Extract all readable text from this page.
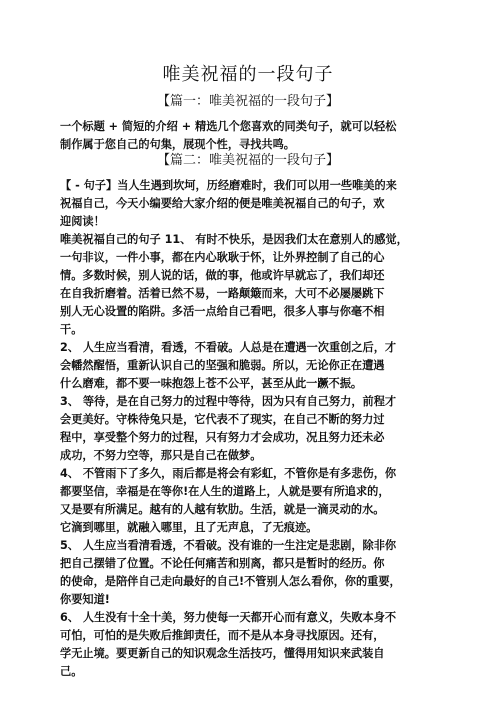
唯美祝福的一段句子
【篇一：唯美祝福的一段句子】
一个标题 + 简短的介绍 + 精选几个您喜欢的同类句子，就可以轻松
制作属于您自己的句集，展现个性，寻找共鸣。
【篇二：唯美祝福的一段句子】
【 - 句子】当人生遇到坎坷，历经磨难时，我们可以用一些唯美的来
祝福自己，今天小编要给大家介绍的便是唯美祝福自己的句子，欢
迎阅读！
唯美祝福自己的句子 11、 有时不快乐，是因我们太在意别人的感觉，
一句非议，一件小事，都在内心耿耿于怀，让外界控制了自己的心
情。多数时候，别人说的话，做的事，他或许早就忘了，我们却还
在自我折磨着。活着已然不易，一路颠簸而来，大可不必屡屡跳下
别人无心设置的陷阱。多活一点给自己看吧，很多人事与你毫不相
干。
2、 人生应当看清，看透，不看破。人总是在遭遇一次重创之后，才
会幡然醒悟，重新认识自己的坚强和脆弱。所以，无论你正在遭遇
什么磨难，都不要一味抱怨上苍不公平，甚至从此一蹶不振。
3、 等待，是在自己努力的过程中等待，因为只有自己努力，前程才
会更美好。守株待兔只是，它代表不了现实，在自己不断的努力过
程中，享受整个努力的过程，只有努力才会成功，况且努力还未必
成功，不努力空等，那只是自己在做梦。
4、 不管雨下了多久，雨后都是将会有彩虹，不管你是有多悲伤，你
都要坚信，幸福是在等你!在人生的道路上，人就是要有所追求的，
又是要有所满足。越有的人越有软肋。生活，就是一滴灵动的水。
它滴到哪里，就融入哪里，且了无声息，了无痕迹。
5、 人生应当看清看透，不看破。没有谁的一生注定是悲剧，除非你
把自己摆错了位置。不论任何痛苦和别离，都只是暂时的经历。你
的使命，是陪伴自己走向最好的自己!不管别人怎么看你，你的重要，
你要知道!
6、 人生没有十全十美，努力使每一天都开心而有意义，失败本身不
可怕，可怕的是失败后推卸责任，而不是从本身寻找原因。还有，
学无止境。要更新自己的知识观念生活技巧，懂得用知识来武装自
己。
